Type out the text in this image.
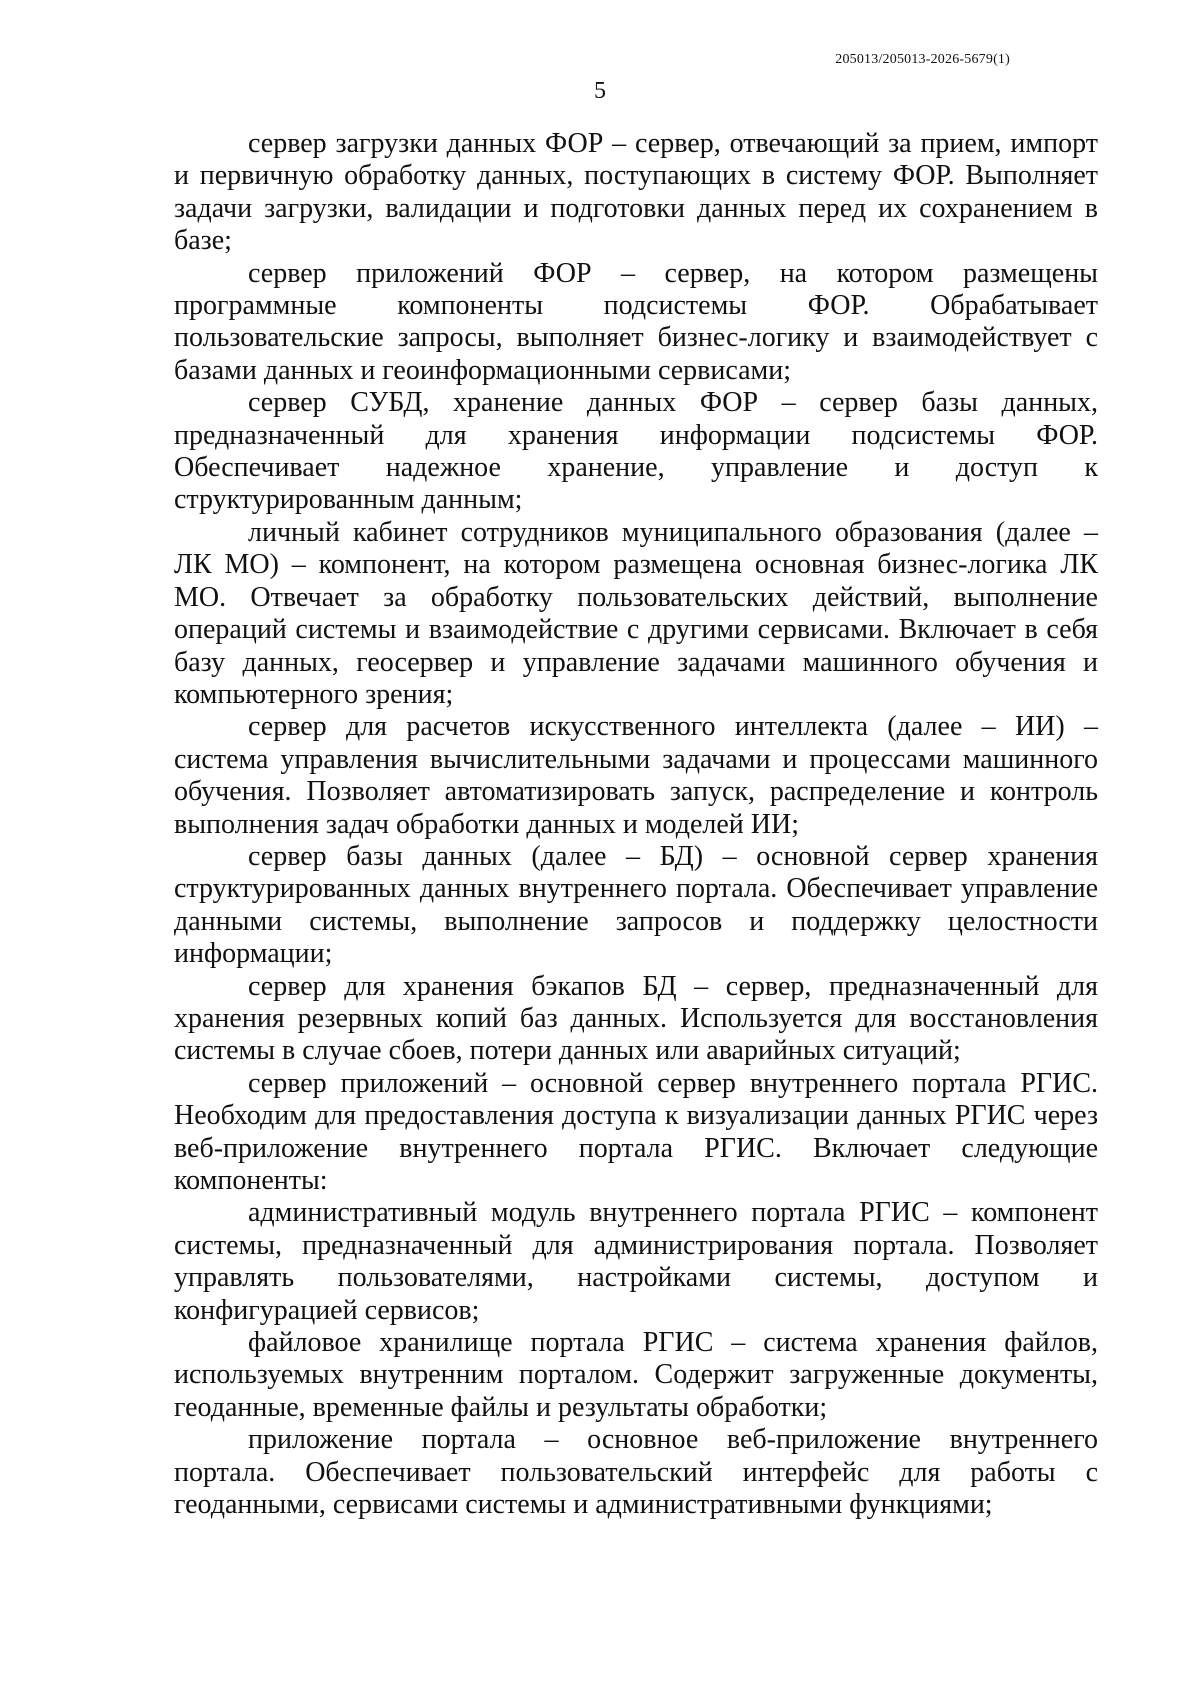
205013/205013-2026-5679(1)
5

сервер загрузки данных ФОР – сервер, отвечающий за прием, импорт и первичную обработку данных, поступающих в систему ФОР. Выполняет задачи загрузки, валидации и подготовки данных перед их сохранением в базе;

сервер приложений ФОР – сервер, на котором размещены программные компоненты подсистемы ФОР. Обрабатывает пользовательские запросы, выполняет бизнес-логику и взаимодействует с базами данных и геоинформационными сервисами;

сервер СУБД, хранение данных ФОР – сервер базы данных, предназначенный для хранения информации подсистемы ФОР. Обеспечивает надежное хранение, управление и доступ к структурированным данным;

личный кабинет сотрудников муниципального образования (далее – ЛК МО) – компонент, на котором размещена основная бизнес-логика ЛК МО. Отвечает за обработку пользовательских действий, выполнение операций системы и взаимодействие с другими сервисами. Включает в себя базу данных, геосервер и управление задачами машинного обучения и компьютерного зрения;

сервер для расчетов искусственного интеллекта (далее – ИИ) – система управления вычислительными задачами и процессами машинного обучения. Позволяет автоматизировать запуск, распределение и контроль выполнения задач обработки данных и моделей ИИ;

сервер базы данных (далее – БД) – основной сервер хранения структурированных данных внутреннего портала. Обеспечивает управление данными системы, выполнение запросов и поддержку целостности информации;

сервер для хранения бэкапов БД – сервер, предназначенный для хранения резервных копий баз данных. Используется для восстановления системы в случае сбоев, потери данных или аварийных ситуаций;

сервер приложений – основной сервер внутреннего портала РГИС. Необходим для предоставления доступа к визуализации данных РГИС через веб-приложение внутреннего портала РГИС. Включает следующие компоненты:

административный модуль внутреннего портала РГИС – компонент системы, предназначенный для администрирования портала. Позволяет управлять пользователями, настройками системы, доступом и конфигурацией сервисов;

файловое хранилище портала РГИС – система хранения файлов, используемых внутренним порталом. Содержит загруженные документы, геоданные, временные файлы и результаты обработки;

приложение портала – основное веб-приложение внутреннего портала. Обеспечивает пользовательский интерфейс для работы с геоданными, сервисами системы и административными функциями;
